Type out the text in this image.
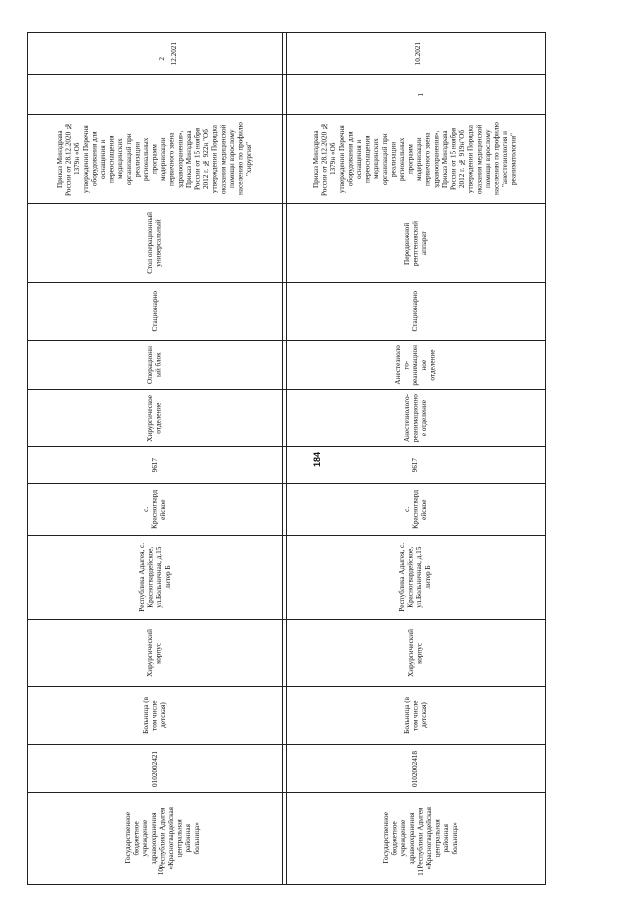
184
12.2021
2
Приказ Минздрава
России от 28.12.2020 №
1379н «Об
утверждении Перечня
оборудования для
оснащения и
переоснащения
медицинских
организаций при
реализации
региональных
программ
модернизации
первичного звена
здравоохранения»,
Приказ Минздрава
России от 15 ноября
2012 г. № 922н "Об
утверждении Порядка
оказания медицинской
помощи взрослому
населению по профилю
"хирургия"
Стол операционный
универсальный
Стационарно
Операционн
ый блок
Хирургическое
отделение
9617
с.
Красногвард
ейское
Республика Адыгея, с.
Красногвардейское,
ул.Больничная, д.15
литер Б
Хирургический
корпус
Больница (в
том числе
детская)
0102002421
Государственное
бюджетное
учреждение
здравоохранения
Республики Адыгея
«Красногвардейская
центральная
районная
больница»
10
10.2021
1
Приказ Минздрава
России от 28.12.2020 №
1379н «Об
утверждении Перечня
оборудования для
оснащения и
переоснащения
медицинских
организаций при
реализации
региональных
программ
модернизации
первичного звена
здравоохранения»,
Приказ Минздрава
России от 15 ноября
2012 г. № 919н"Об
утверждении Порядка
оказания медицинской
помощи взрослому
населению по профилю
"анестезиология и
реаниматология"
Передвижной
рентгеновский
аппарат
Стационарно
Анестезиоло
го-
реанимацион
ное
отделение
Анестезиолого-
реанимационно
е отделение
9617
с.
Красногвард
ейское
Республика Адыгея, с.
Красногвардейское,
ул.Больничная, д.15
литер Б
Хирургический
корпус
Больница (в
том числе
детская)
0102002418
Государственное
бюджетное
учреждение
здравоохранения
Республики Адыгея
«Красногвардейская
центральная
районная
больница»
11
